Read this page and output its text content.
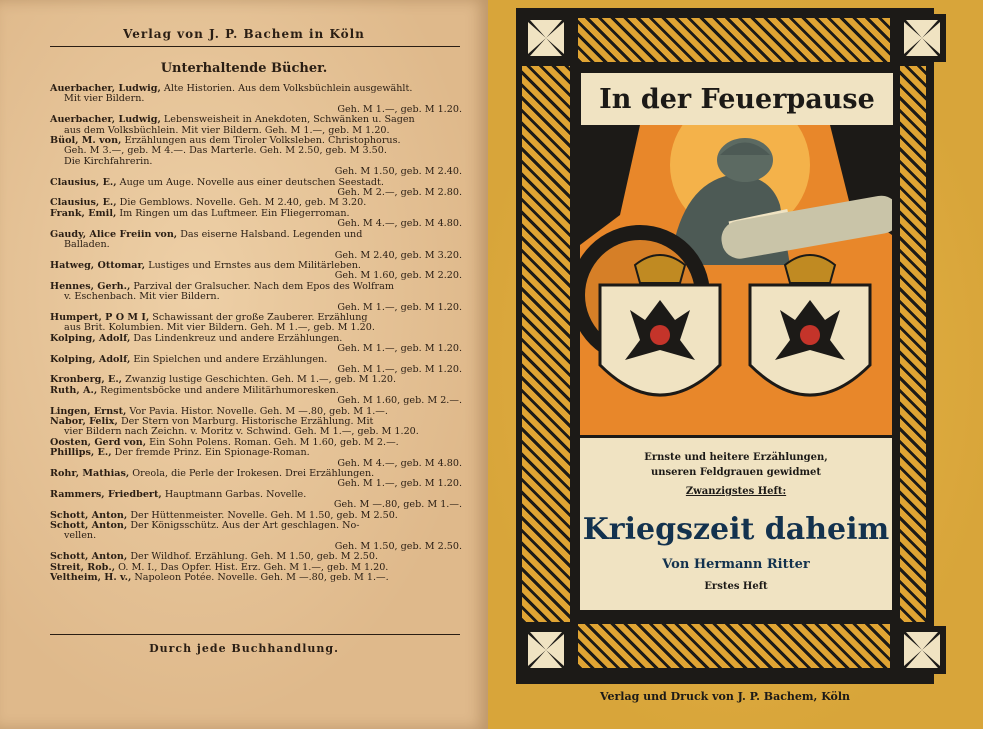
Verlag von J. P. Bachem in Köln
Unterhaltende Bücher.
Auerbacher, Ludwig, Alte Historien. Aus dem Volksbüchlein ausgewählt.
Mit vier Bildern.
Geh. M 1.—, geb. M 1.20.
Auerbacher, Ludwig, Lebensweisheit in Anekdoten, Schwänken u. Sagen
aus dem Volksbüchlein. Mit vier Bildern. Geh. M 1.—, geb. M 1.20.
Büol, M. von, Erzählungen aus dem Tiroler Volksleben. Christophorus.
Geh. M 3.—, geb. M 4.—. Das Marterle. Geh. M 2.50, geb. M 3.50.
Die Kirchfahrerin.
Geh. M 1.50, geb. M 2.40.
Clausius, E., Auge um Auge. Novelle aus einer deutschen Seestadt.
Geh. M 2.—, geb. M 2.80.
Clausius, E., Die Gemblows. Novelle. Geh. M 2.40, geb. M 3.20.
Frank, Emil, Im Ringen um das Luftmeer. Ein Fliegerroman.
Geh. M 4.—, geb. M 4.80.
Gaudy, Alice Freiin von, Das eiserne Halsband. Legenden und
Balladen.
Geh. M 2.40, geb. M 3.20.
Hatweg, Ottomar, Lustiges und Ernstes aus dem Militärleben.
Geh. M 1.60, geb. M 2.20.
Hennes, Gerh., Parzival der Gralsucher. Nach dem Epos des Wolfram
v. Eschenbach. Mit vier Bildern.
Geh. M 1.—, geb. M 1.20.
Humpert, P O M I, Schawissant der große Zauberer. Erzählung
aus Brit. Kolumbien. Mit vier Bildern. Geh. M 1.—, geb. M 1.20.
Kolping, Adolf, Das Lindenkreuz und andere Erzählungen.
Geh. M 1.—, geb. M 1.20.
Kolping, Adolf, Ein Spielchen und andere Erzählungen.
Geh. M 1.—, geb. M 1.20.
Kronberg, E., Zwanzig lustige Geschichten. Geh. M 1.—, geb. M 1.20.
Ruth, A., Regimentsböcke und andere Militärhumoresken.
Geh. M 1.60, geb. M 2.—.
Lingen, Ernst, Vor Pavia. Histor. Novelle. Geh. M —.80, geb. M 1.—.
Nabor, Felix, Der Stern von Marburg. Historische Erzählung. Mit
vier Bildern nach Zeichn. v. Moritz v. Schwind. Geh. M 1.—, geb. M 1.20.
Oosten, Gerd von, Ein Sohn Polens. Roman. Geh. M 1.60, geb. M 2.—.
Phillips, E., Der fremde Prinz. Ein Spionage-Roman.
Geh. M 4.—, geb. M 4.80.
Rohr, Mathias, Oreola, die Perle der Irokesen. Drei Erzählungen.
Geh. M 1.—, geb. M 1.20.
Rammers, Friedbert, Hauptmann Garbas. Novelle.
Geh. M —.80, geb. M 1.—.
Schott, Anton, Der Hüttenmeister. Novelle. Geh. M 1.50, geb. M 2.50.
Schott, Anton, Der Königsschütz. Aus der Art geschlagen. No-
vellen.
Geh. M 1.50, geb. M 2.50.
Schott, Anton, Der Wildhof. Erzählung. Geh. M 1.50, geb. M 2.50.
Streit, Rob., O. M. I., Das Opfer. Hist. Erz. Geh. M 1.—, geb. M 1.20.
Veltheim, H. v., Napoleon Potée. Novelle. Geh. M —.80, geb. M 1.—.
Durch jede Buchhandlung.
In der Feuerpause
Ernste und heitere Erzählungen,
unseren Feldgrauen gewidmet
Zwanzigstes Heft:
Kriegszeit daheim
Von Hermann Ritter
Erstes Heft
Verlag und Druck von J. P. Bachem, Köln
